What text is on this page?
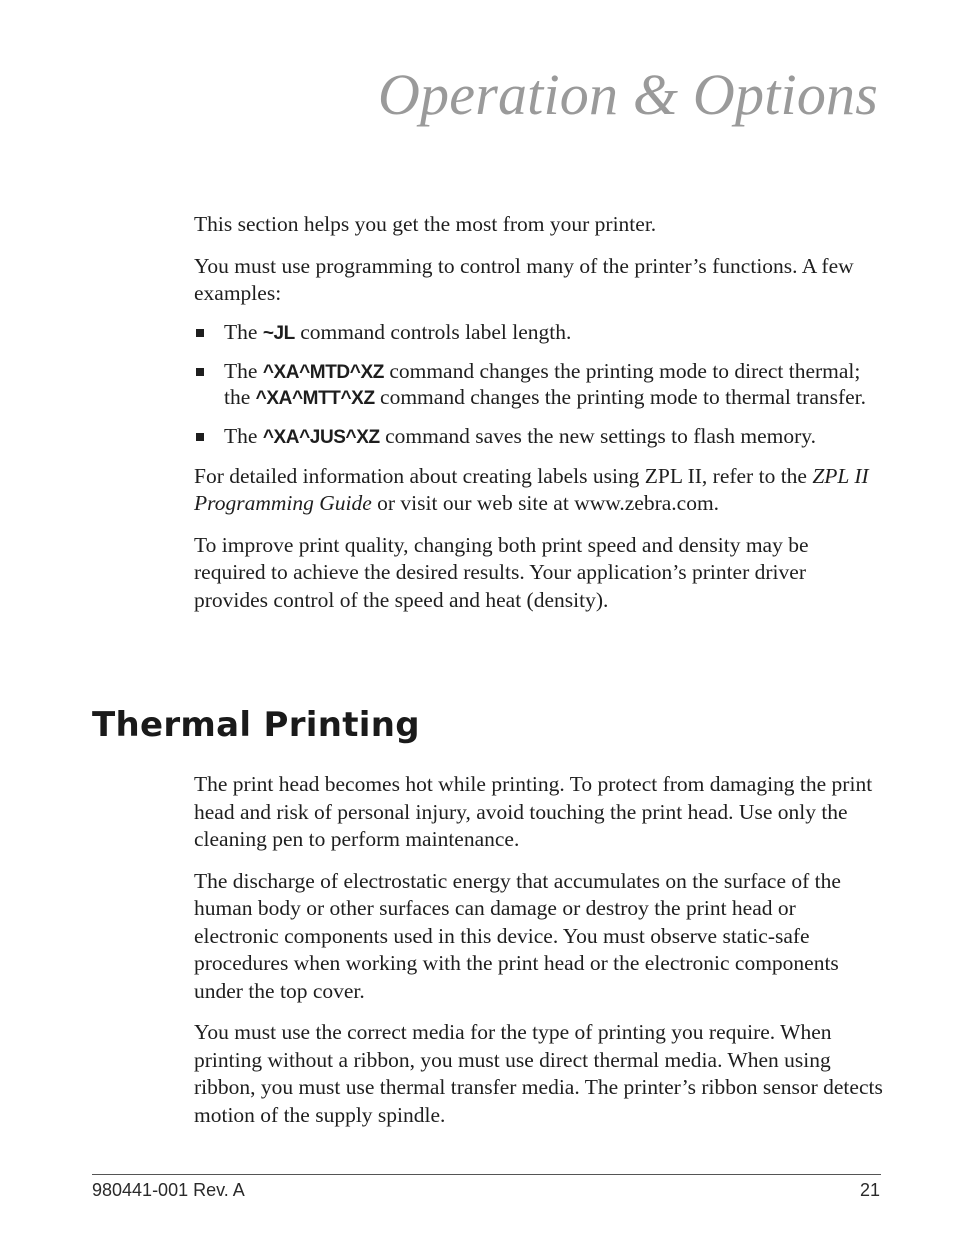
Operation & Options

This section helps you get the most from your printer.

You must use programming to control many of the printer’s functions. A few examples:

The ~JL command controls label length.
The ^XA^MTD^XZ command changes the printing mode to direct thermal; the ^XA^MTT^XZ command changes the printing mode to thermal transfer.
The ^XA^JUS^XZ command saves the new settings to flash memory.

For detailed information about creating labels using ZPL II, refer to the ZPL II Programming Guide or visit our web site at www.zebra.com.

To improve print quality, changing both print speed and density may be required to achieve the desired results. Your application’s printer driver provides control of the speed and heat (density).

Thermal Printing

The print head becomes hot while printing. To protect from damaging the print head and risk of personal injury, avoid touching the print head. Use only the cleaning pen to perform maintenance.

The discharge of electrostatic energy that accumulates on the surface of the human body or other surfaces can damage or destroy the print head or electronic components used in this device. You must observe static-safe procedures when working with the print head or the electronic components under the top cover.

You must use the correct media for the type of printing you require. When printing without a ribbon, you must use direct thermal media. When using ribbon, you must use thermal transfer media. The printer’s ribbon sensor detects motion of the supply spindle.

980441-001 Rev. A	21
